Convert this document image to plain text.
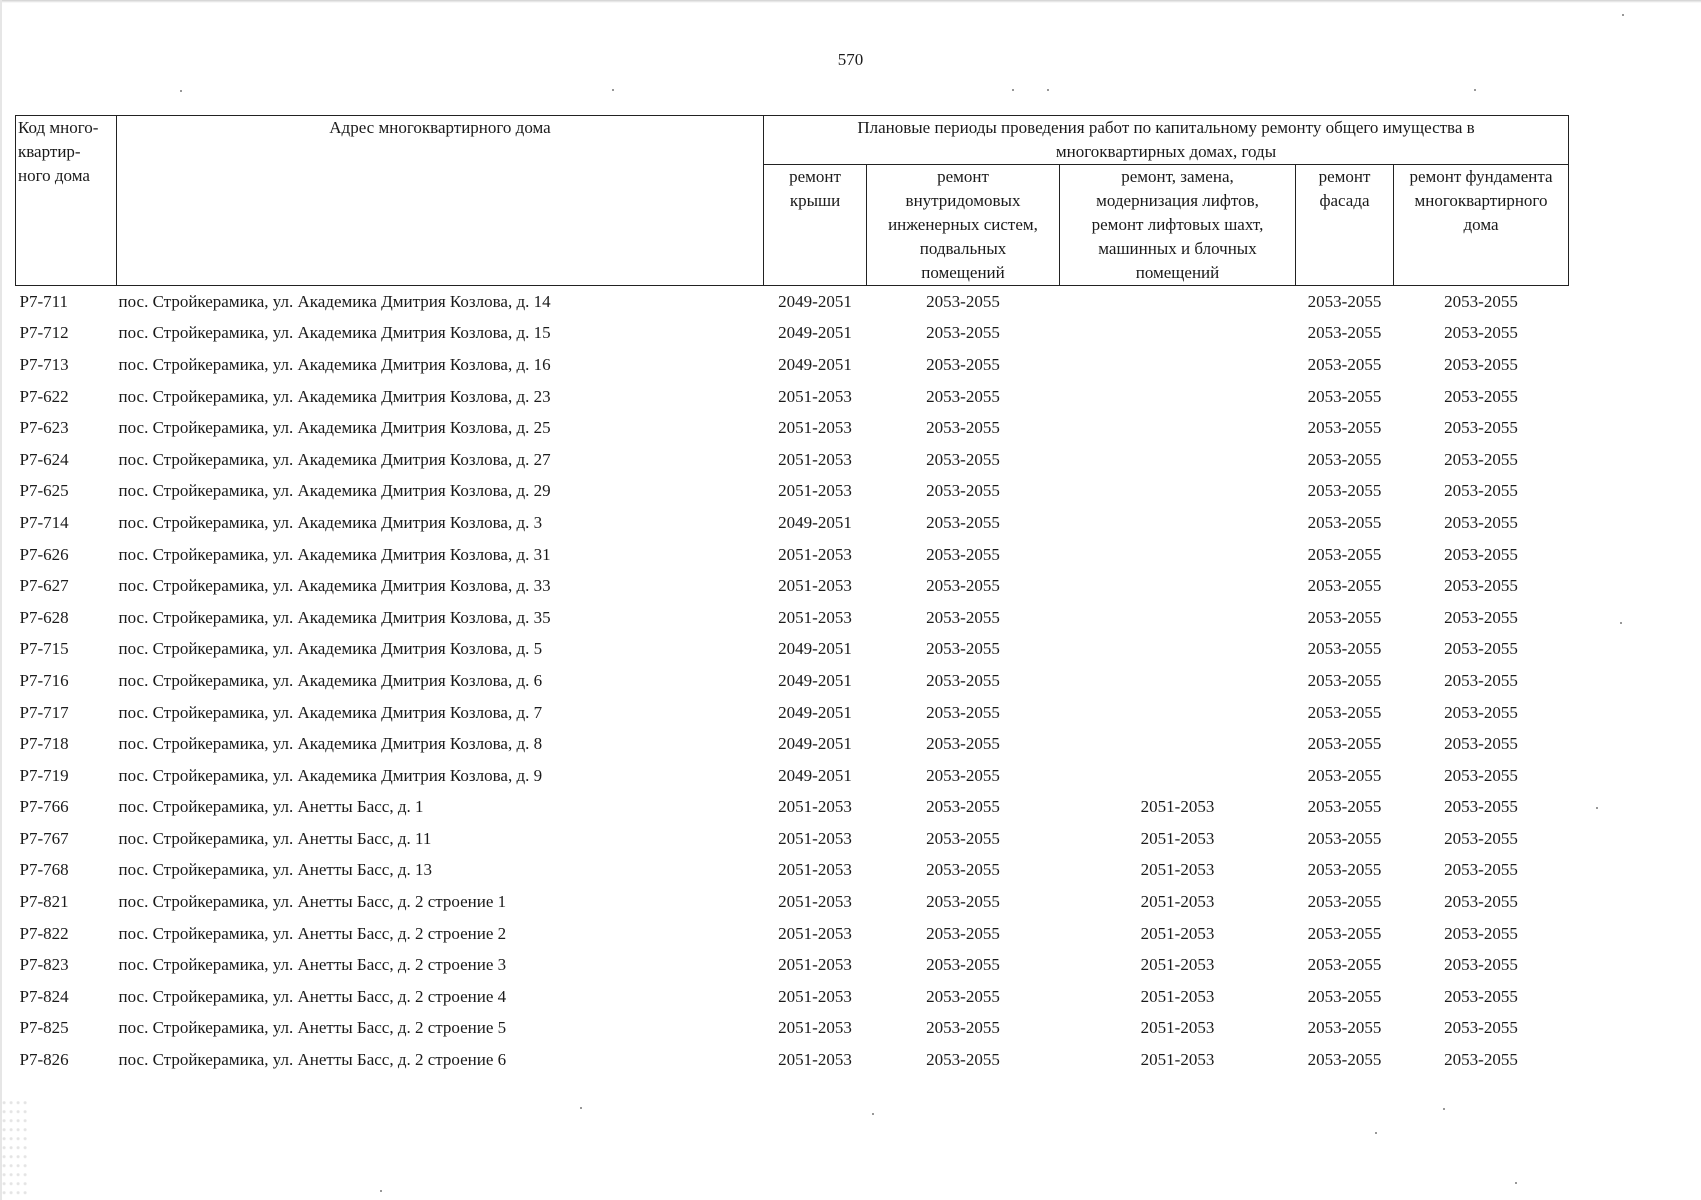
570
Код много-
квартир-
ного дома	Адрес многоквартирного дома	Плановые периоды проведения работ по капитальному ремонту общего имущества в многоквартирных домах, годы				
		ремонт
крыши	ремонт
внутридомовых
инженерных систем,
подвальных
помещений	ремонт, замена,
модернизация лифтов,
ремонт лифтовых шахт,
машинных и блочных
помещений	ремонт
фасада	ремонт фундамента
многоквартирного
дома
Р7-711	пос. Стройкерамика, ул. Академика Дмитрия Козлова, д. 14	2049-2051	2053-2055		2053-2055	2053-2055
Р7-712	пос. Стройкерамика, ул. Академика Дмитрия Козлова, д. 15	2049-2051	2053-2055		2053-2055	2053-2055
Р7-713	пос. Стройкерамика, ул. Академика Дмитрия Козлова, д. 16	2049-2051	2053-2055		2053-2055	2053-2055
Р7-622	пос. Стройкерамика, ул. Академика Дмитрия Козлова, д. 23	2051-2053	2053-2055		2053-2055	2053-2055
Р7-623	пос. Стройкерамика, ул. Академика Дмитрия Козлова, д. 25	2051-2053	2053-2055		2053-2055	2053-2055
Р7-624	пос. Стройкерамика, ул. Академика Дмитрия Козлова, д. 27	2051-2053	2053-2055		2053-2055	2053-2055
Р7-625	пос. Стройкерамика, ул. Академика Дмитрия Козлова, д. 29	2051-2053	2053-2055		2053-2055	2053-2055
Р7-714	пос. Стройкерамика, ул. Академика Дмитрия Козлова, д. 3	2049-2051	2053-2055		2053-2055	2053-2055
Р7-626	пос. Стройкерамика, ул. Академика Дмитрия Козлова, д. 31	2051-2053	2053-2055		2053-2055	2053-2055
Р7-627	пос. Стройкерамика, ул. Академика Дмитрия Козлова, д. 33	2051-2053	2053-2055		2053-2055	2053-2055
Р7-628	пос. Стройкерамика, ул. Академика Дмитрия Козлова, д. 35	2051-2053	2053-2055		2053-2055	2053-2055
Р7-715	пос. Стройкерамика, ул. Академика Дмитрия Козлова, д. 5	2049-2051	2053-2055		2053-2055	2053-2055
Р7-716	пос. Стройкерамика, ул. Академика Дмитрия Козлова, д. 6	2049-2051	2053-2055		2053-2055	2053-2055
Р7-717	пос. Стройкерамика, ул. Академика Дмитрия Козлова, д. 7	2049-2051	2053-2055		2053-2055	2053-2055
Р7-718	пос. Стройкерамика, ул. Академика Дмитрия Козлова, д. 8	2049-2051	2053-2055		2053-2055	2053-2055
Р7-719	пос. Стройкерамика, ул. Академика Дмитрия Козлова, д. 9	2049-2051	2053-2055		2053-2055	2053-2055
Р7-766	пос. Стройкерамика, ул. Анетты Басс, д. 1	2051-2053	2053-2055	2051-2053	2053-2055	2053-2055
Р7-767	пос. Стройкерамика, ул. Анетты Басс, д. 11	2051-2053	2053-2055	2051-2053	2053-2055	2053-2055
Р7-768	пос. Стройкерамика, ул. Анетты Басс, д. 13	2051-2053	2053-2055	2051-2053	2053-2055	2053-2055
Р7-821	пос. Стройкерамика, ул. Анетты Басс, д. 2 строение 1	2051-2053	2053-2055	2051-2053	2053-2055	2053-2055
Р7-822	пос. Стройкерамика, ул. Анетты Басс, д. 2 строение 2	2051-2053	2053-2055	2051-2053	2053-2055	2053-2055
Р7-823	пос. Стройкерамика, ул. Анетты Басс, д. 2 строение 3	2051-2053	2053-2055	2051-2053	2053-2055	2053-2055
Р7-824	пос. Стройкерамика, ул. Анетты Басс, д. 2 строение 4	2051-2053	2053-2055	2051-2053	2053-2055	2053-2055
Р7-825	пос. Стройкерамика, ул. Анетты Басс, д. 2 строение 5	2051-2053	2053-2055	2051-2053	2053-2055	2053-2055
Р7-826	пос. Стройкерамика, ул. Анетты Басс, д. 2 строение 6	2051-2053	2053-2055	2051-2053	2053-2055	2053-2055
